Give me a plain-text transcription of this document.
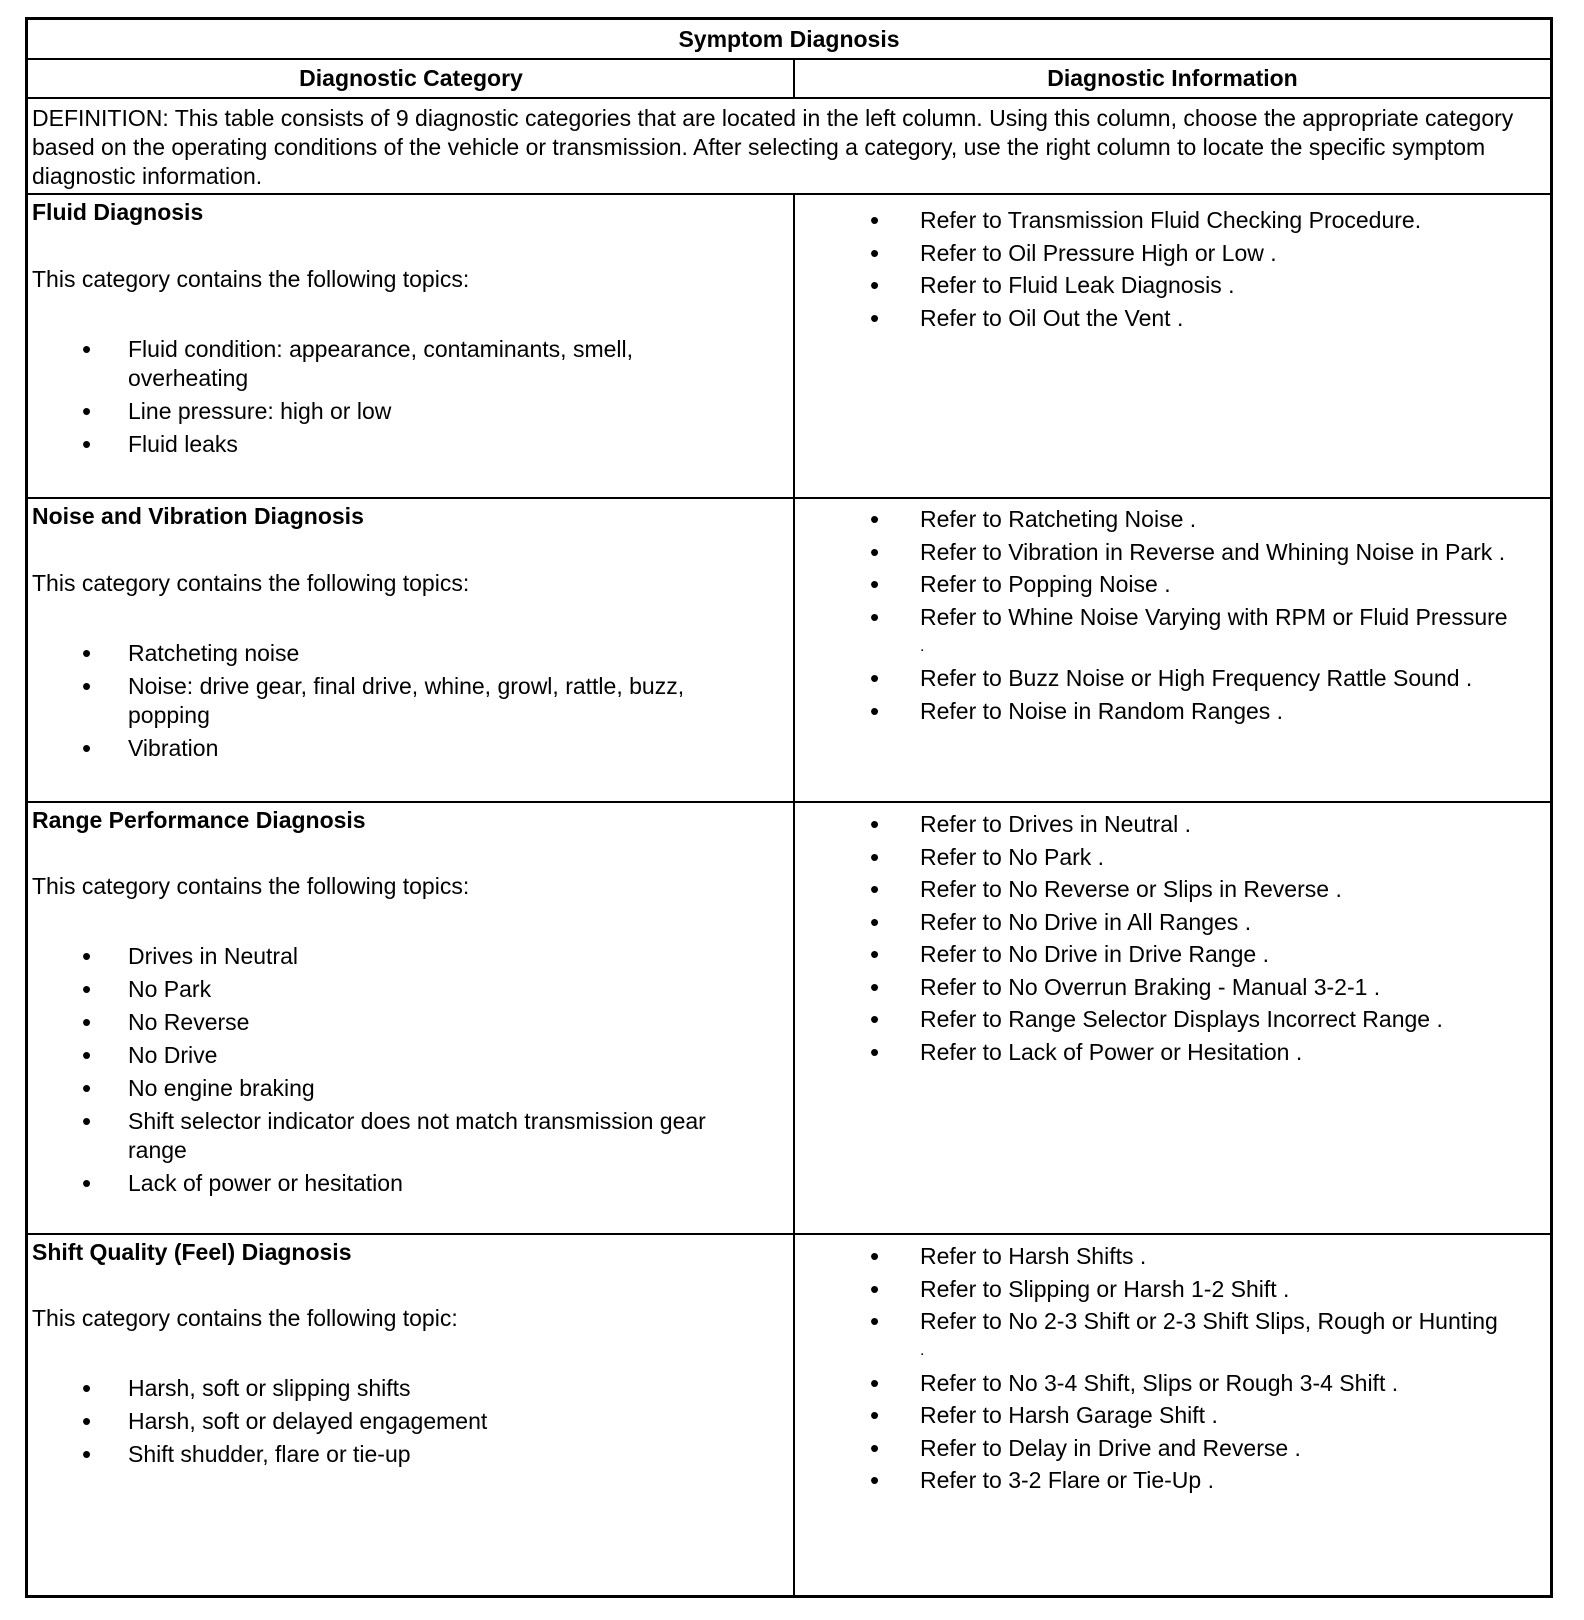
Symptom Diagnosis
Diagnostic Category	Diagnostic Information
DEFINITION: This table consists of 9 diagnostic categories that are located in the left column. Using this column, choose the appropriate category based on the operating conditions of the vehicle or transmission. After selecting a category, use the right column to locate the specific symptom diagnostic information.
Fluid Diagnosis
This category contains the following topics:
• Fluid condition: appearance, contaminants, smell, overheating
• Line pressure: high or low
• Fluid leaks
• Refer to Transmission Fluid Checking Procedure.
• Refer to Oil Pressure High or Low .
• Refer to Fluid Leak Diagnosis .
• Refer to Oil Out the Vent .
Noise and Vibration Diagnosis
This category contains the following topics:
• Ratcheting noise
• Noise: drive gear, final drive, whine, growl, rattle, buzz, popping
• Vibration
• Refer to Ratcheting Noise .
• Refer to Vibration in Reverse and Whining Noise in Park .
• Refer to Popping Noise .
• Refer to Whine Noise Varying with RPM or Fluid Pressure
.
• Refer to Buzz Noise or High Frequency Rattle Sound .
• Refer to Noise in Random Ranges .
Range Performance Diagnosis
This category contains the following topics:
• Drives in Neutral
• No Park
• No Reverse
• No Drive
• No engine braking
• Shift selector indicator does not match transmission gear range
• Lack of power or hesitation
• Refer to Drives in Neutral .
• Refer to No Park .
• Refer to No Reverse or Slips in Reverse .
• Refer to No Drive in All Ranges .
• Refer to No Drive in Drive Range .
• Refer to No Overrun Braking - Manual 3-2-1 .
• Refer to Range Selector Displays Incorrect Range .
• Refer to Lack of Power or Hesitation .
Shift Quality (Feel) Diagnosis
This category contains the following topic:
• Harsh, soft or slipping shifts
• Harsh, soft or delayed engagement
• Shift shudder, flare or tie-up
• Refer to Harsh Shifts .
• Refer to Slipping or Harsh 1-2 Shift .
• Refer to No 2-3 Shift or 2-3 Shift Slips, Rough or Hunting
.
• Refer to No 3-4 Shift, Slips or Rough 3-4 Shift .
• Refer to Harsh Garage Shift .
• Refer to Delay in Drive and Reverse .
• Refer to 3-2 Flare or Tie-Up .
